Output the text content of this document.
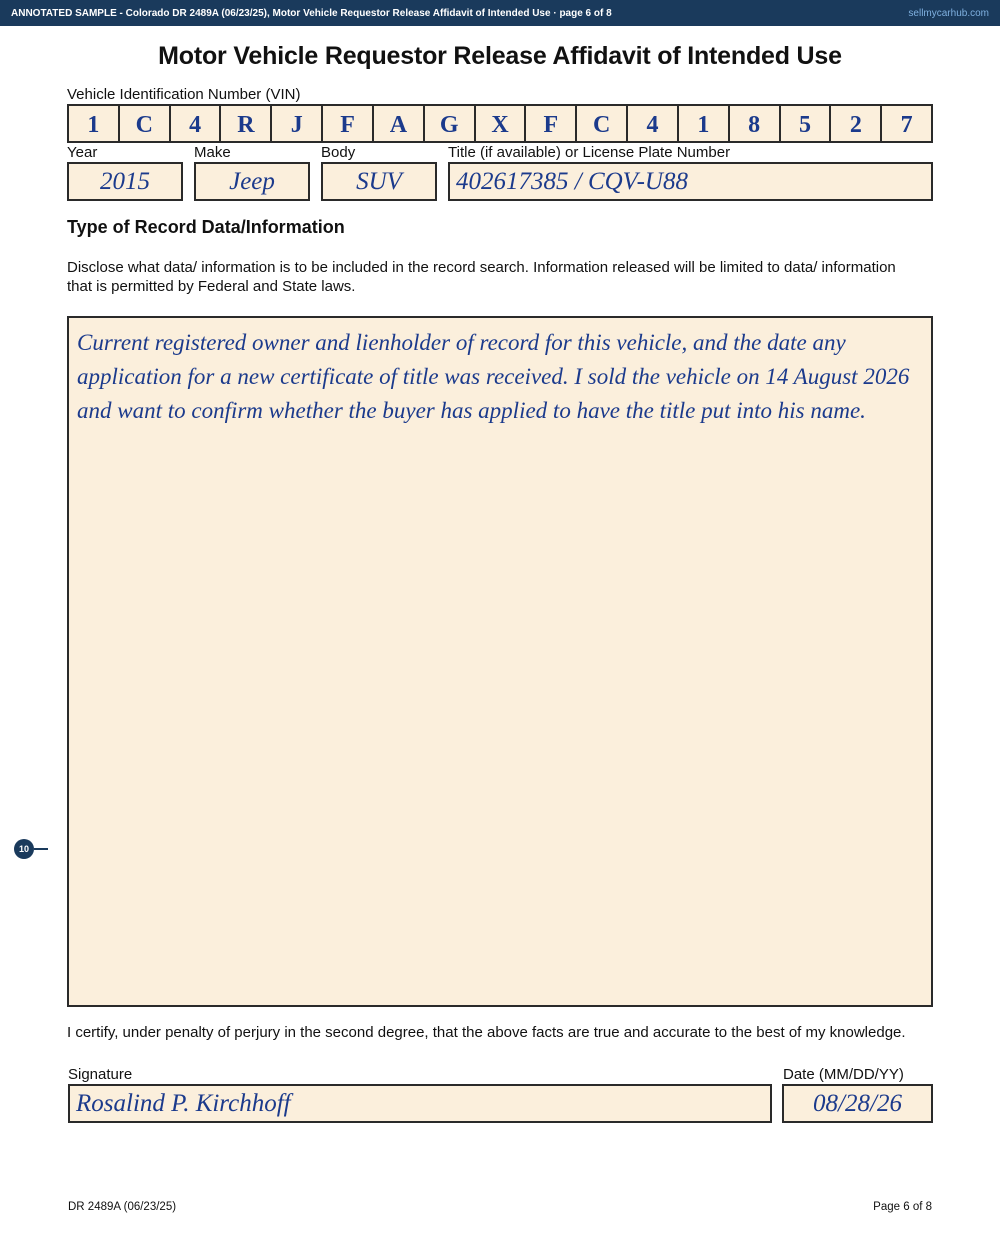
ANNOTATED SAMPLE - Colorado DR 2489A (06/23/25), Motor Vehicle Requestor Release Affidavit of Intended Use · page 6 of 8	sellmycarhub.com
Motor Vehicle Requestor Release Affidavit of Intended Use
Vehicle Identification Number (VIN)
1	C	4	R	J	F	A	G	X	F	C	4	1	8	5	2	7
Year	Make	Body	Title (if available) or License Plate Number
2015	Jeep	SUV	402617385 / CQV-U88
Type of Record Data/Information
Disclose what data/ information is to be included in the record search. Information released will be limited to data/ information that is permitted by Federal and State laws.
Current registered owner and lienholder of record for this vehicle, and the date any application for a new certificate of title was received. I sold the vehicle on 14 August 2026 and want to confirm whether the buyer has applied to have the title put into his name.
10
I certify, under penalty of perjury in the second degree, that the above facts are true and accurate to the best of my knowledge.
Signature	Date (MM/DD/YY)
Rosalind P. Kirchhoff	08/28/26
DR 2489A (06/23/25)	Page 6 of 8
